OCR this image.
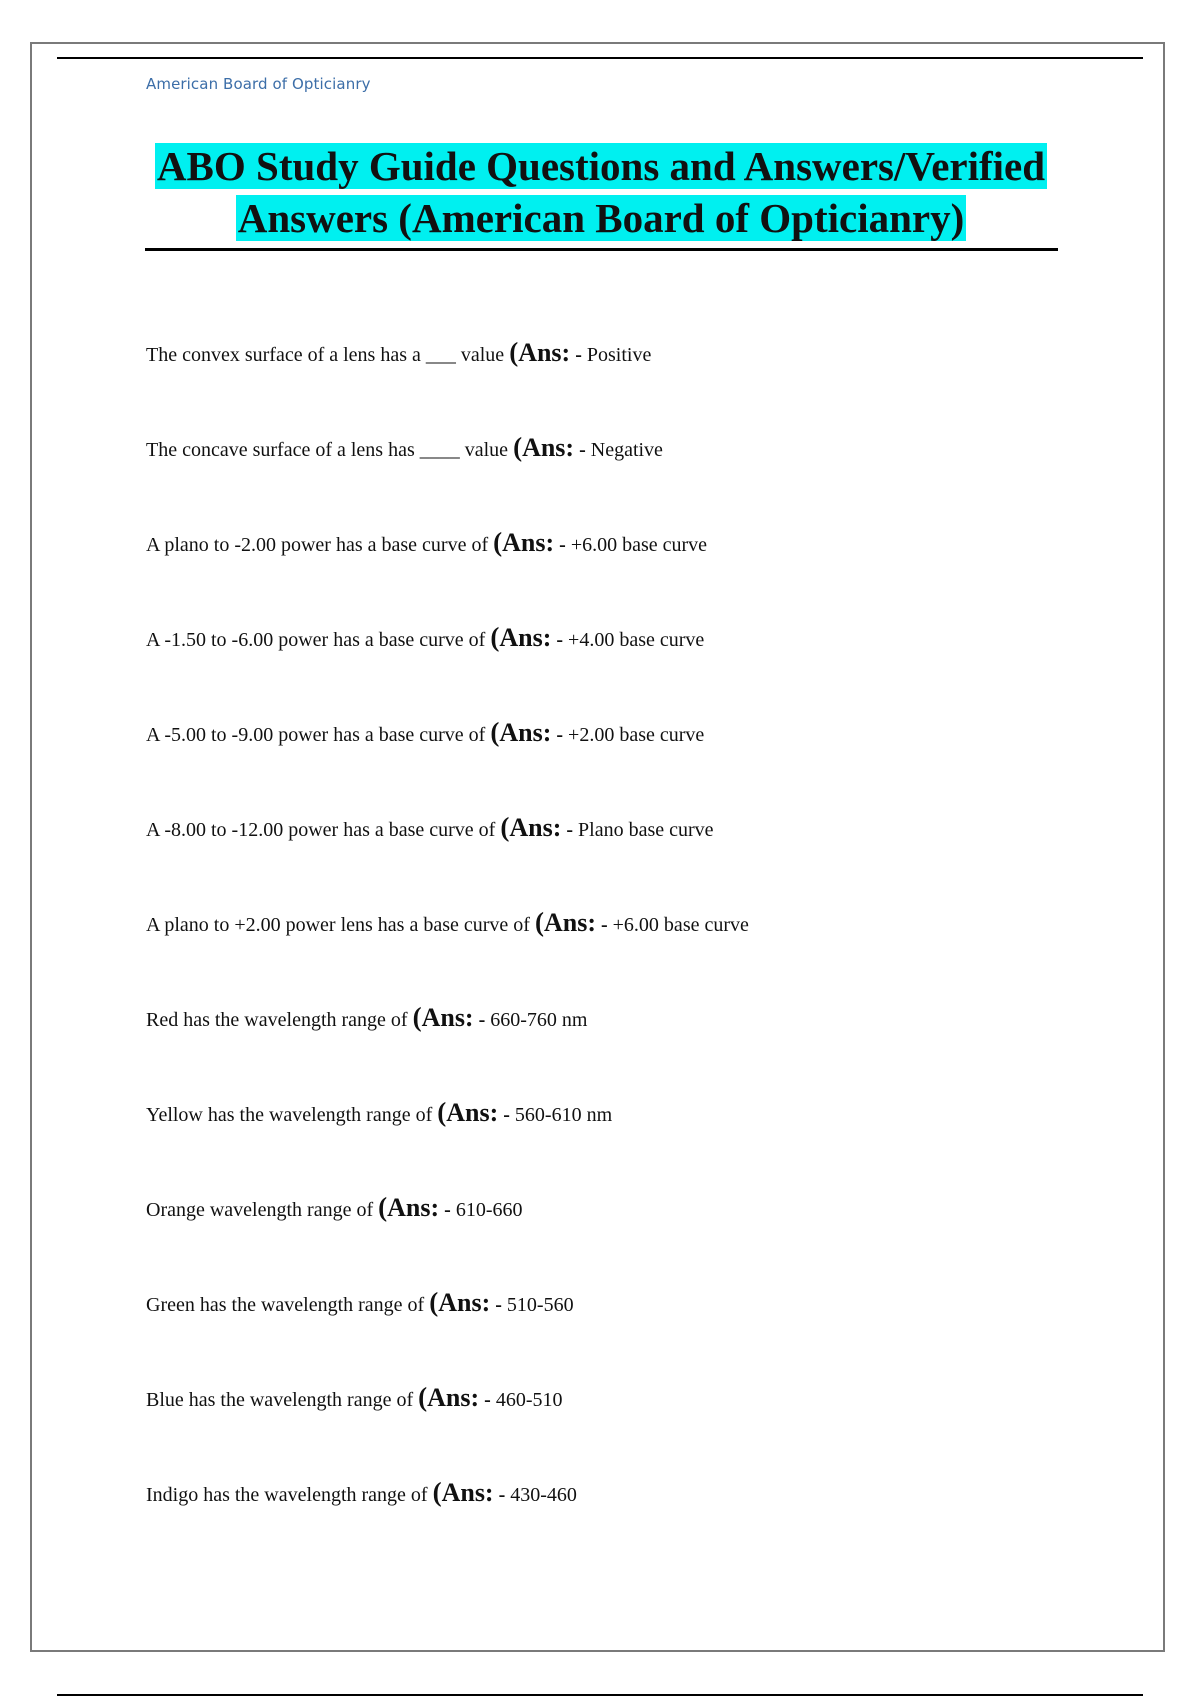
American Board of Opticianry
ABO Study Guide Questions and Answers/Verified
Answers (American Board of Opticianry)
The convex surface of a lens has a ___ value (Ans: - Positive
The concave surface of a lens has ____ value (Ans: - Negative
A plano to -2.00 power has a base curve of (Ans: - +6.00 base curve
A -1.50 to -6.00 power has a base curve of (Ans: - +4.00 base curve
A -5.00 to -9.00 power has a base curve of (Ans: - +2.00 base curve
A -8.00 to -12.00 power has a base curve of (Ans: - Plano base curve
A plano to +2.00 power lens has a base curve of (Ans: - +6.00 base curve
Red has the wavelength range of (Ans: - 660-760 nm
Yellow has the wavelength range of (Ans: - 560-610 nm
Orange wavelength range of (Ans: - 610-660
Green has the wavelength range of (Ans: - 510-560
Blue has the wavelength range of (Ans: - 460-510
Indigo has the wavelength range of (Ans: - 430-460
